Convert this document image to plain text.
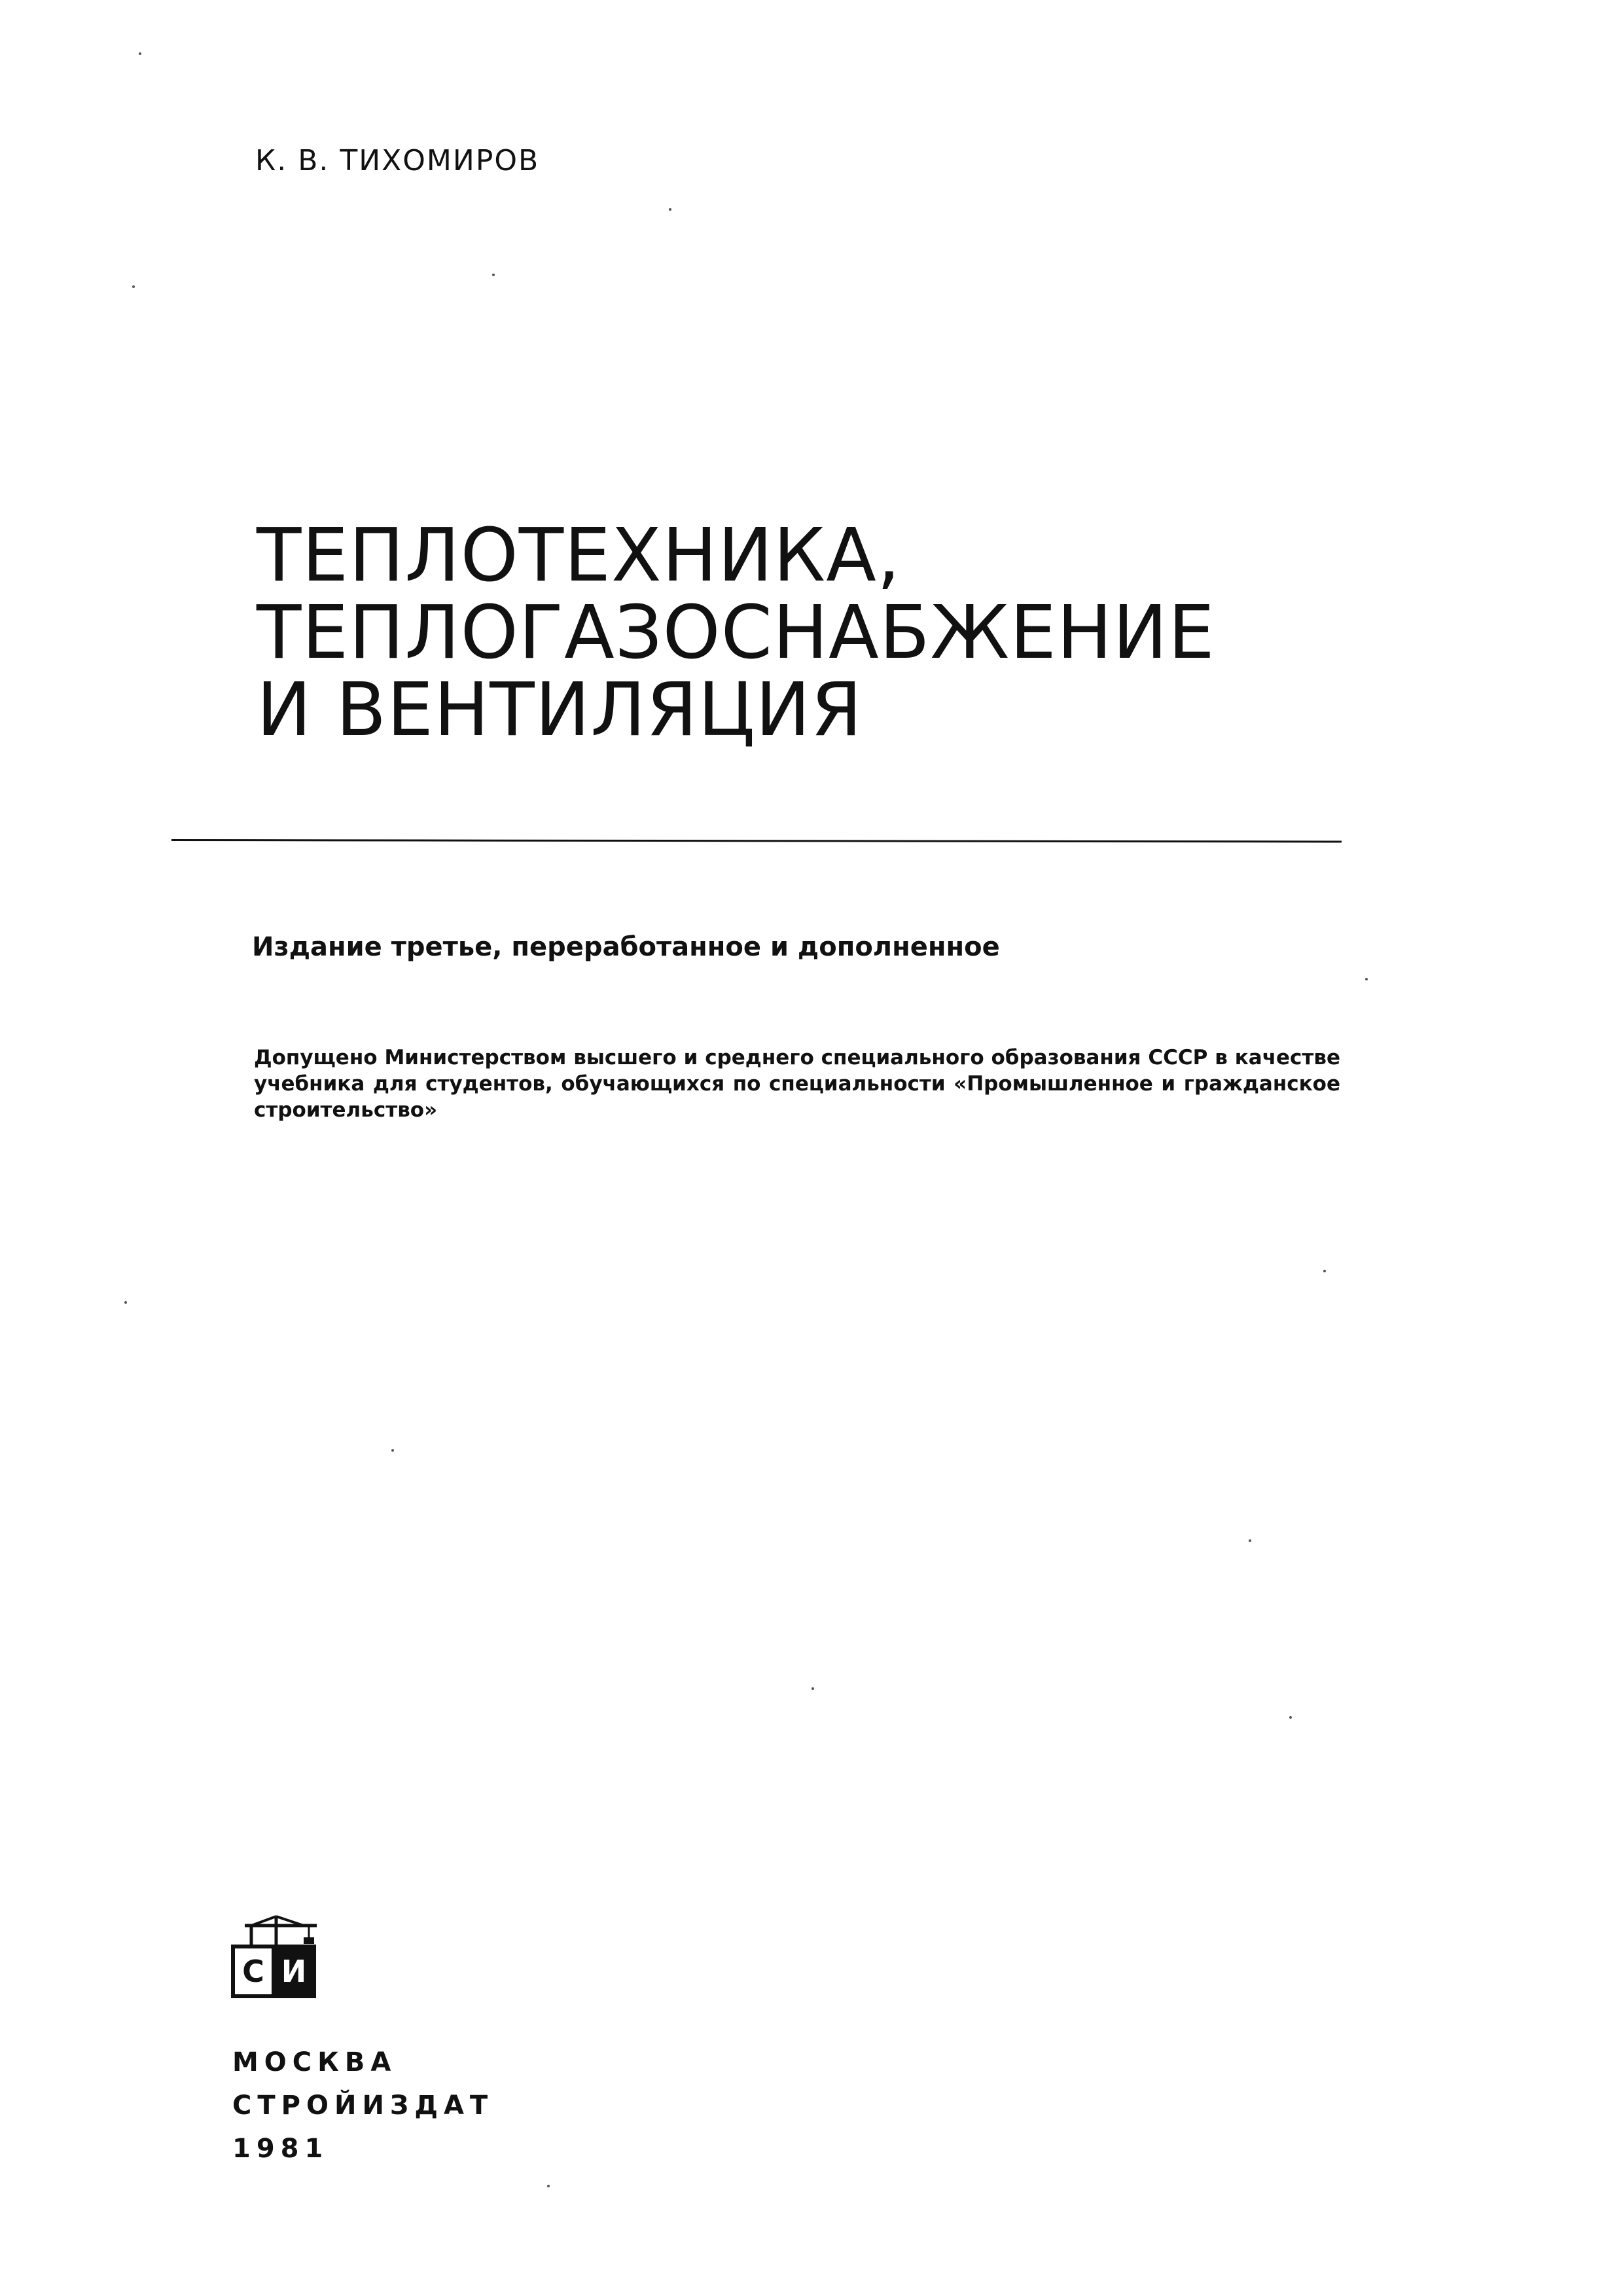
К. В. ТИХОМИРОВ
ТЕПЛОТЕХНИКА,
ТЕПЛОГАЗОСНАБЖЕНИЕ
И ВЕНТИЛЯЦИЯ
Издание третье, переработанное и дополненное
Допущено Министерством высшего и среднего специального образования СССР в качестве учебника для студентов, обучающихся по специальности «Промышленное и гражданское строительство»
С И
МОСКВА
СТРОЙИЗДАТ
1981
